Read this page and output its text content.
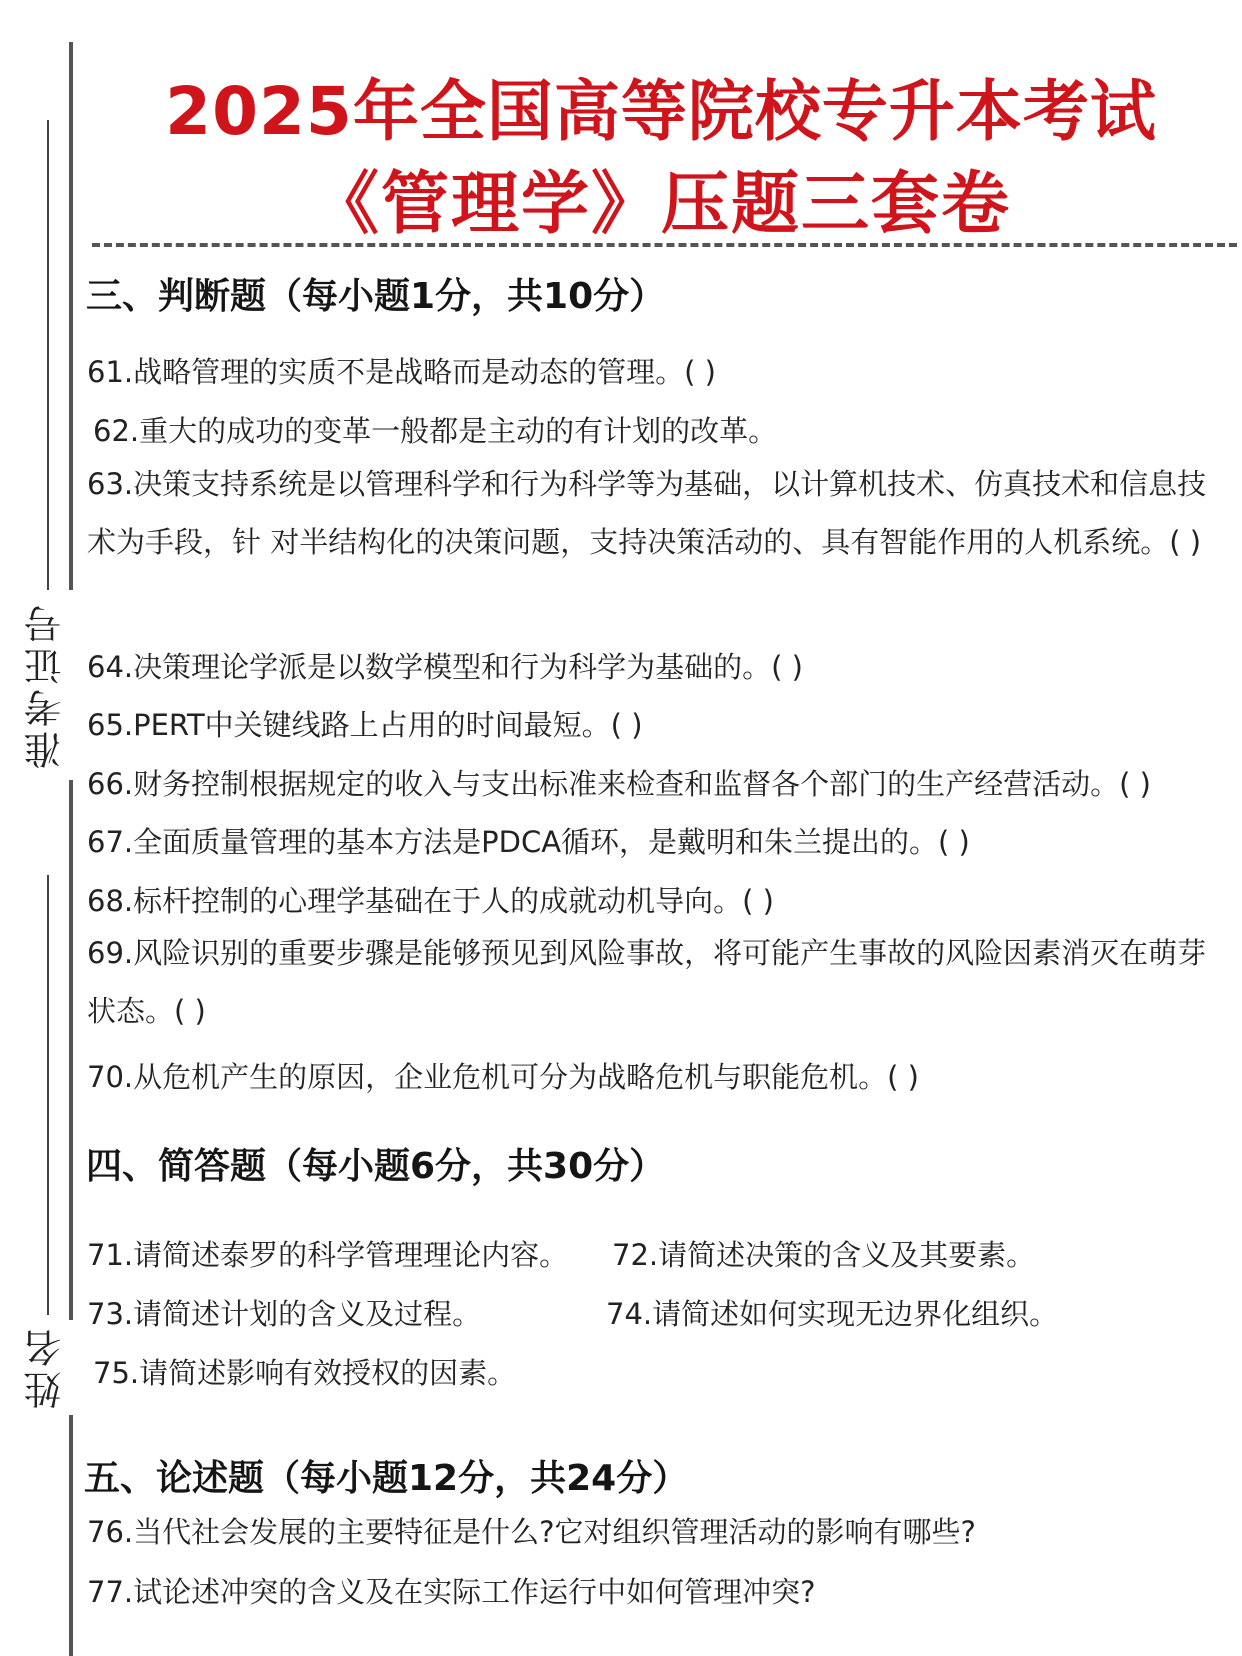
准考证号
姓名
2025年全国高等院校专升本考试
《管理学》压题三套卷
三、判断题（每小题1分，共10分）
61.战略管理的实质不是战略而是动态的管理。( )
62.重大的成功的变革一般都是主动的有计划的改革。
63.决策支持系统是以管理科学和行为科学等为基础，以计算机技术、仿真技术和信息技术为手段，针 对半结构化的决策问题，支持决策活动的、具有智能作用的人机系统。( )
64.决策理论学派是以数学模型和行为科学为基础的。( )
65.PERT中关键线路上占用的时间最短。( )
66.财务控制根据规定的收入与支出标准来检查和监督各个部门的生产经营活动。( )
67.全面质量管理的基本方法是PDCA循环，是戴明和朱兰提出的。( )
68.标杆控制的心理学基础在于人的成就动机导向。( )
69.风险识别的重要步骤是能够预见到风险事故，将可能产生事故的风险因素消灭在萌芽状态。( )
70.从危机产生的原因，企业危机可分为战略危机与职能危机。( )
四、简答题（每小题6分，共30分）
71.请简述泰罗的科学管理理论内容。 72.请简述决策的含义及其要素。
73.请简述计划的含义及过程。	74.请简述如何实现无边界化组织。
75.请简述影响有效授权的因素。
五、论述题（每小题12分，共24分）
76.当代社会发展的主要特征是什么?它对组织管理活动的影响有哪些?
77.试论述冲突的含义及在实际工作运行中如何管理冲突?
